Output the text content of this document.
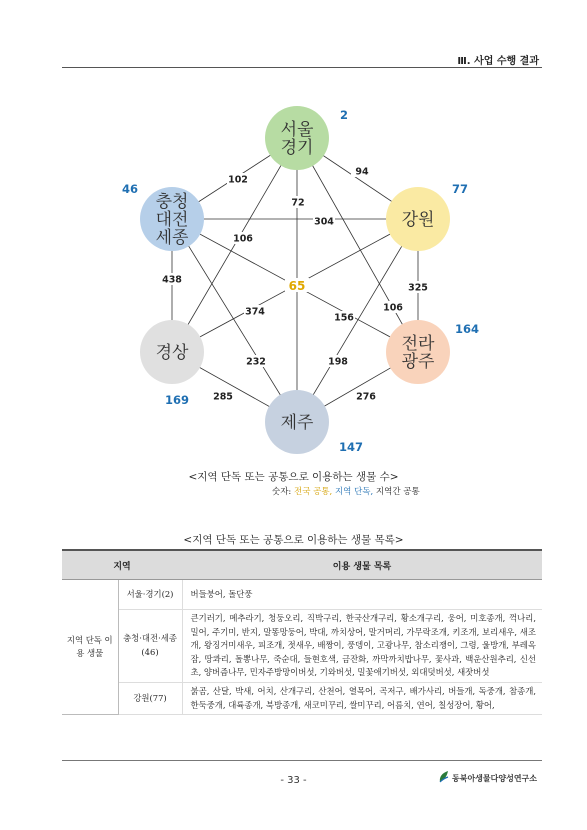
Ⅲ. 사업 수행 결과
서울
경기
충청
대전
세종
강원
경상	전라
광주
제주
102
94
72
304
106
438
325
374
156
106
232	198
285	276
65
2
46	77
169
164
147
<지역 단독 또는 공통으로 이용하는 생물 수>
숫자: 전국 공통, 지역 단독, 지역간 공통
<지역 단독 또는 공통으로 이용하는 생물 목록>
지역		이용 생물 목록
지역 단독 이용 생물	서울·경기(2)	버들붕어, 돌단풍
	충청·대전·세종 (46)	큰기러기, 메추라기, 청둥오리, 직박구리, 한국산개구리, 황소개구리, 웅어, 미호종개, 꺽나리, 밀어, 주기미, 반지, 말똥망둥어, 박대, 까치상어, 말거머리, 가무락조개, 키조개, 보리새우, 새조개, 왕징거미새우, 피조개, 젓새우, 배짱이, 풍뎅이, 고광나무, 참소리쟁이, 그령, 울방개, 부레옥잠, 땅콰리, 돌뽕나무, 죽순대, 들현호색, 금잔화, 까막까치밥나무, 꽃사과, 백운산원추리, 신선초, 양버즘나무, 민자주방망이버섯, 기와버섯, 밀꽃애기버섯, 외대덧버섯, 새잣버섯
	강원(77)	붉곰, 산달, 박새, 어치, 산개구리, 산천어, 열목어, 곡저구, 배가사리, 버들개, 독중개, 참종개, 한둑중개, 대륙종개, 북방종개, 새코미꾸리, 쌀미꾸리, 어름치, 연어, 칠성장어, 황어,
- 33 -	동북아생물다양성연구소
